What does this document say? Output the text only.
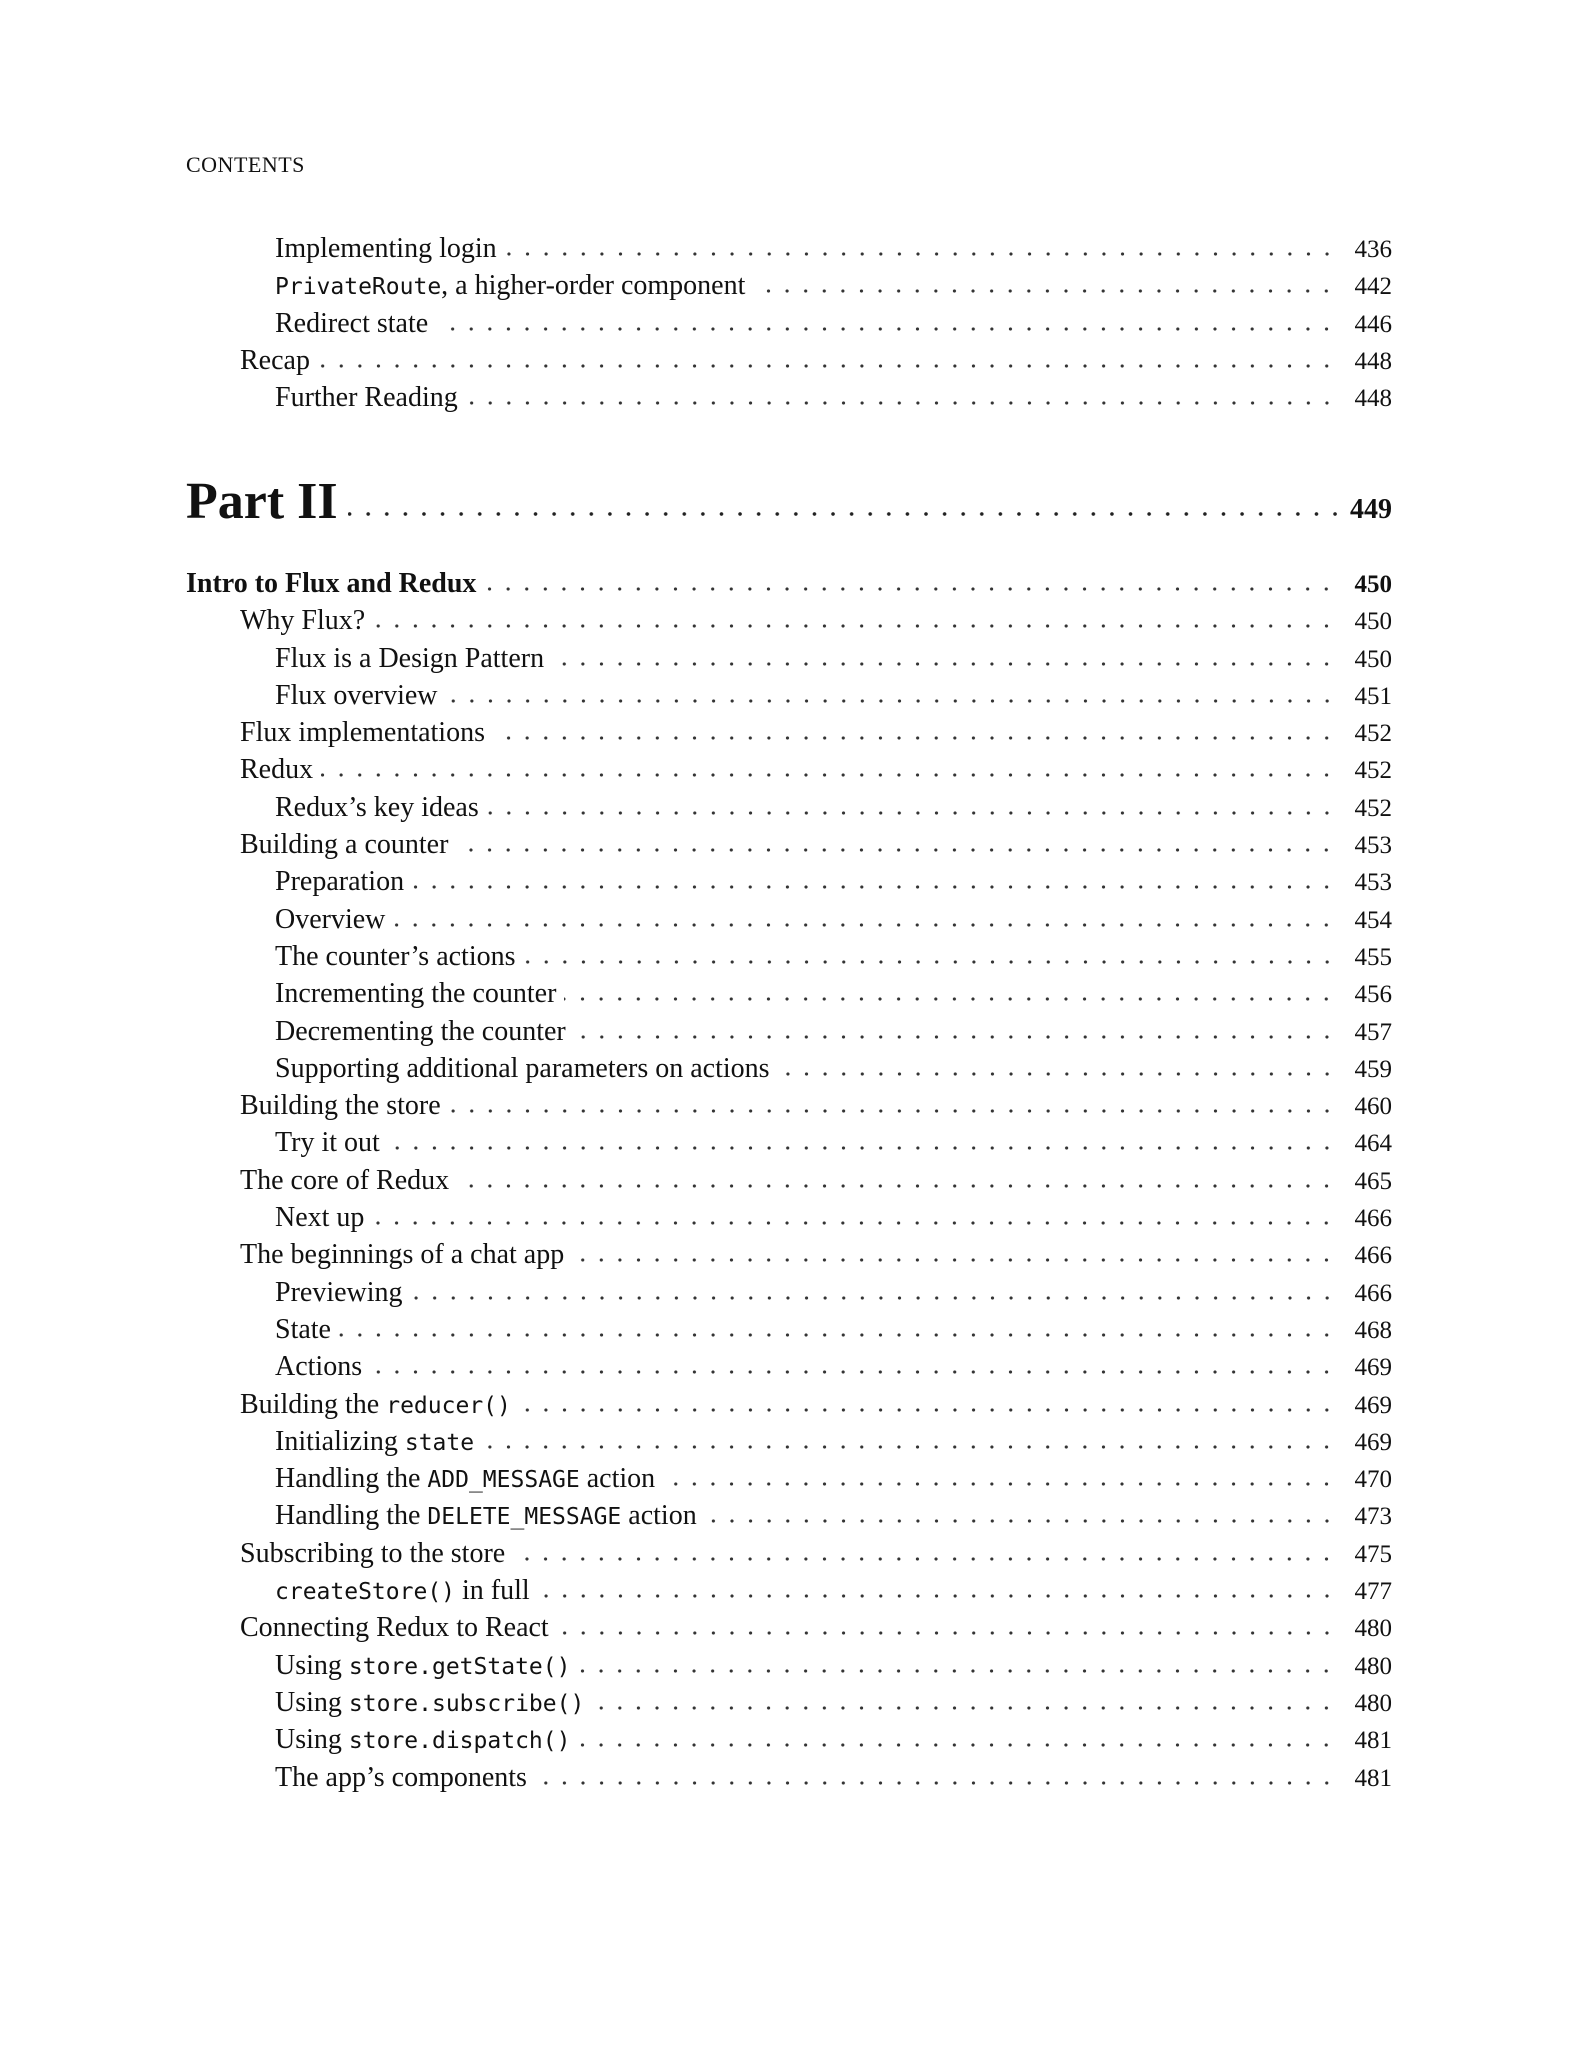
CONTENTS
Implementing login	436
PrivateRoute, a higher-order component	442
Redirect state	446
Recap	448
Further Reading	448
Part II	449
Intro to Flux and Redux	450
Why Flux?	450
Flux is a Design Pattern	450
Flux overview	451
Flux implementations	452
Redux	452
Redux’s key ideas	452
Building a counter	453
Preparation	453
Overview	454
The counter’s actions	455
Incrementing the counter	456
Decrementing the counter	457
Supporting additional parameters on actions	459
Building the store	460
Try it out	464
The core of Redux	465
Next up	466
The beginnings of a chat app	466
Previewing	466
State	468
Actions	469
Building the reducer()	469
Initializing state	469
Handling the ADD_MESSAGE action	470
Handling the DELETE_MESSAGE action	473
Subscribing to the store	475
createStore() in full	477
Connecting Redux to React	480
Using store.getState()	480
Using store.subscribe()	480
Using store.dispatch()	481
The app’s components	481
